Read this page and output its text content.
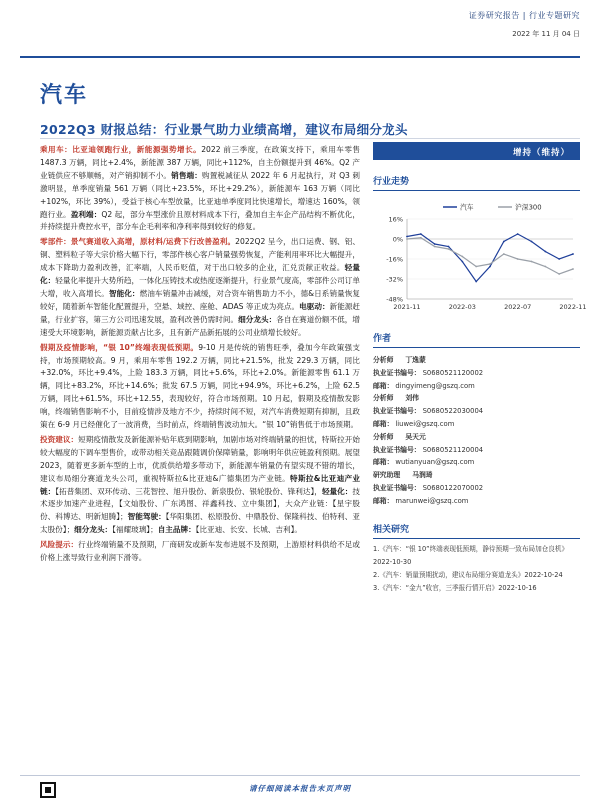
证券研究报告 | 行业专题研究
2022 年 11 月 04 日
汽车
2022Q3 财报总结：行业景气助力业绩高增，建议布局细分龙头

乘用车：比亚迪领跑行业，新能源强势增长。2022 前三季度，在政策支持下，乘用车零售 1487.3 万辆，同比+2.4%，新能源 387 万辆，同比+112%，自主份额提升到 46%。Q2 产业链供应不够顺畅，对产销抑制不小。销售端：购置税减征从 2022 年 6 月起执行，对 Q3 刺激明显，单季度销量 561 万辆（同比+23.5%，环比+29.2%），新能源车 163 万辆（同比+102%，环比 39%），受益于核心车型放量，比亚迪单季度同比快速增长，增速达 160%，领跑行业。盈利端：Q2 起，部分车型涨价且原材料成本下行，叠加自主车企产品结构不断优化，并持续提升费控水平，部分车企毛利率和净利率得到较好的修复。

零部件：景气赛道收入高增，原材料/运费下行改善盈利。2022Q2 呈今，出口运费、钢、铝、铜、塑料粒子等大宗价格大幅下行，零部件核心客户销量强势恢复，产能利用率环比大幅提升，成本下降助力盈利改善，汇率端，人民币贬值，对于出口较多的企业，汇兑贡献正收益。轻量化：轻量化率提升大势所趋，一体化压铸技术或热度逐渐提升，行业景气度高，零部件公司订单大增，收入高增长。智能化：燃油车销量冲击减缓，对合资车销售助力不小，德&日系销量恢复较好，随着新车智能化配置提升，空悬、域控、座舱、ADAS 等正成为亮点。电驱动：新能源赶量，行业扩容，第三方公司迅速发展，盈利改善仍需时间。细分龙头：各自在赛道份额不低，增速受大环境影响，新能源贡献占比多，且有新产品新拓展的公司业绩增长较好。

假期及疫情影响，“银 10”终端表现低预期。9-10 月是传统的销售旺季，叠加今年政策强支持，市场预期较高。9 月，乘用车零售 192.2 万辆，同比+21.5%，批发 229.3 万辆，同比+32.0%，环比+9.4%，上险 183.3 万辆，同比+5.6%，环比+2.0%。新能源零售 61.1 万辆，同比+83.2%，环比+14.6%；批发 67.5 万辆，同比+94.9%，环比+6.2%，上险 62.5 万辆，同比+61.5%，环比+12.55，表现较好，符合市场预期。10 月起，假期及疫情散发影响，终端销售影响不小，目前疫情涉及地方不少，持续时间不短，对汽车消费短期有抑制，且政策在 6-9 月已经催化了一波消费，当时前点，终端销售波动加大。“银 10”销售低于市场预期。

投资建议：短期疫情散发及新能源补贴年底到期影响，加剧市场对终端销量的担忧，特斯拉开始较大幅度的下调车型售价，或带动相关竞品跟随调价保障销量，影响明年供应链盈利预期。展望 2023，随着更多新车型的上市，优质供给增多带动下，新能源车销量仍有望实现不错的增长，建议布局细分赛道龙头公司，重视特斯拉&比亚迪&广德集团为产业链。特斯拉&比亚迪产业链：【拓普集团、双环传动、三花智控、旭升股份、新泉股份、银轮股份、锋利达】，轻量化：技术逐步加速产业进程，【文灿股份、广东鸿图、祥鑫科技、立中集团】，大众产业链：【星宇股份、科博达、明新旭腾】；智能驾驶：【华阳集团、松原股份、中鼎股份、保隆科技、伯特利、亚太股份】；细分龙头：【福耀玻璃】；自主品牌：【比亚迪、长安、长城、吉利】。

风险提示：行业终端销量不及预期，厂商研发或新车发布进展不及预期，上游原材料供给不足或价格上涨导致行业利润下滑等。

增持（维持）
行业走势
16%
0%
-16%
-32%
-48%
2021-11	2022-03	2022-07	2022-11
汽车	沪深300
作者
分析师 丁逸蒙
执业证书编号： S0680521120002
邮箱： dingyimeng@gszq.com
分析师 刘伟
执业证书编号： S0680522030004
邮箱： liuwei@gszq.com
分析师 吴天元
执业证书编号： S0680521120004
邮箱： wutianyuan@gszq.com
研究助理 马润琦
执业证书编号： S0680122070002
邮箱： marunwei@gszq.com
相关研究
1.《汽车：“银 10”终端表现低预期，静待预期一致布局加仓良机》2022-10-30
2.《汽车：销量预期扰动，建议布局细分赛道龙头》2022-10-24
3.《汽车：“金九”收官，三季报行情开启》2022-10-16
请仔细阅读本报告末页声明
